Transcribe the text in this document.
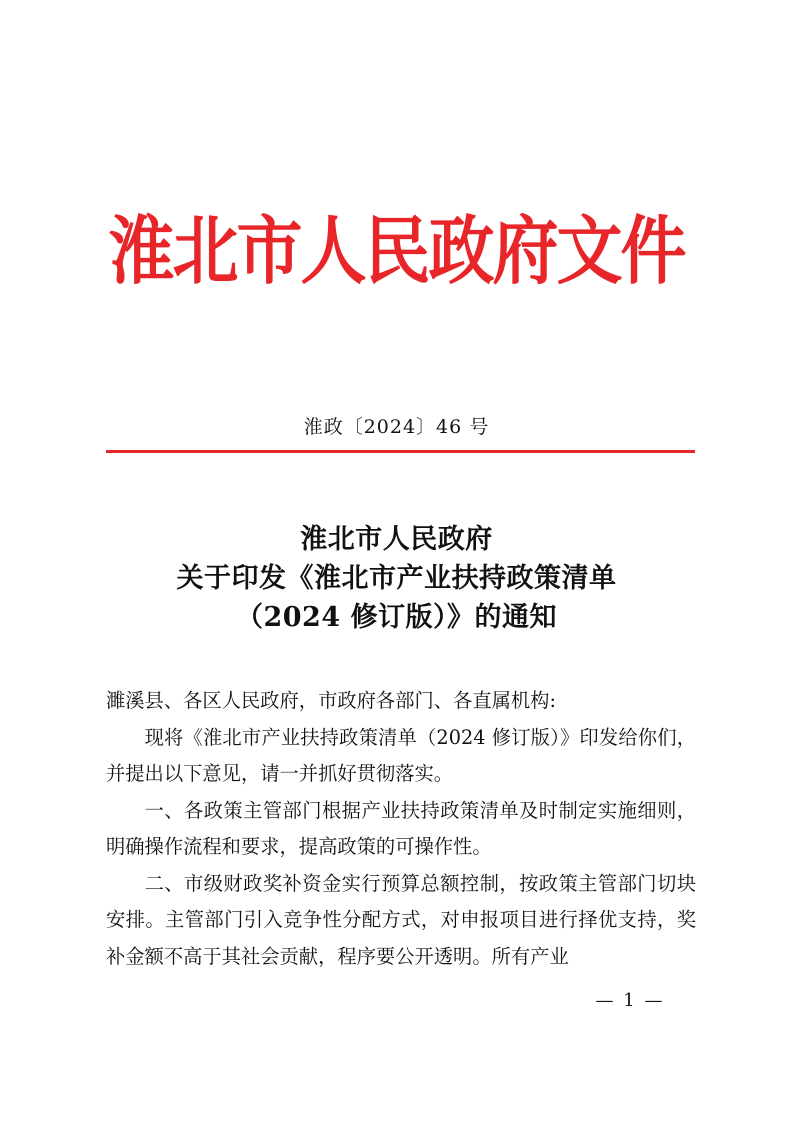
淮北市人民政府文件
淮政〔2024〕46 号
淮北市人民政府
关于印发《淮北市产业扶持政策清单
（2024 修订版）》的通知

濉溪县、各区人民政府，市政府各部门、各直属机构:

现将《淮北市产业扶持政策清单（2024 修订版）》印发给你们，并提出以下意见，请一并抓好贯彻落实。

一、各政策主管部门根据产业扶持政策清单及时制定实施细则，明确操作流程和要求，提高政策的可操作性。

二、市级财政奖补资金实行预算总额控制，按政策主管部门切块安排。主管部门引入竞争性分配方式，对申报项目进行择优支持，奖补金额不高于其社会贡献，程序要公开透明。所有产业

— 1 —
